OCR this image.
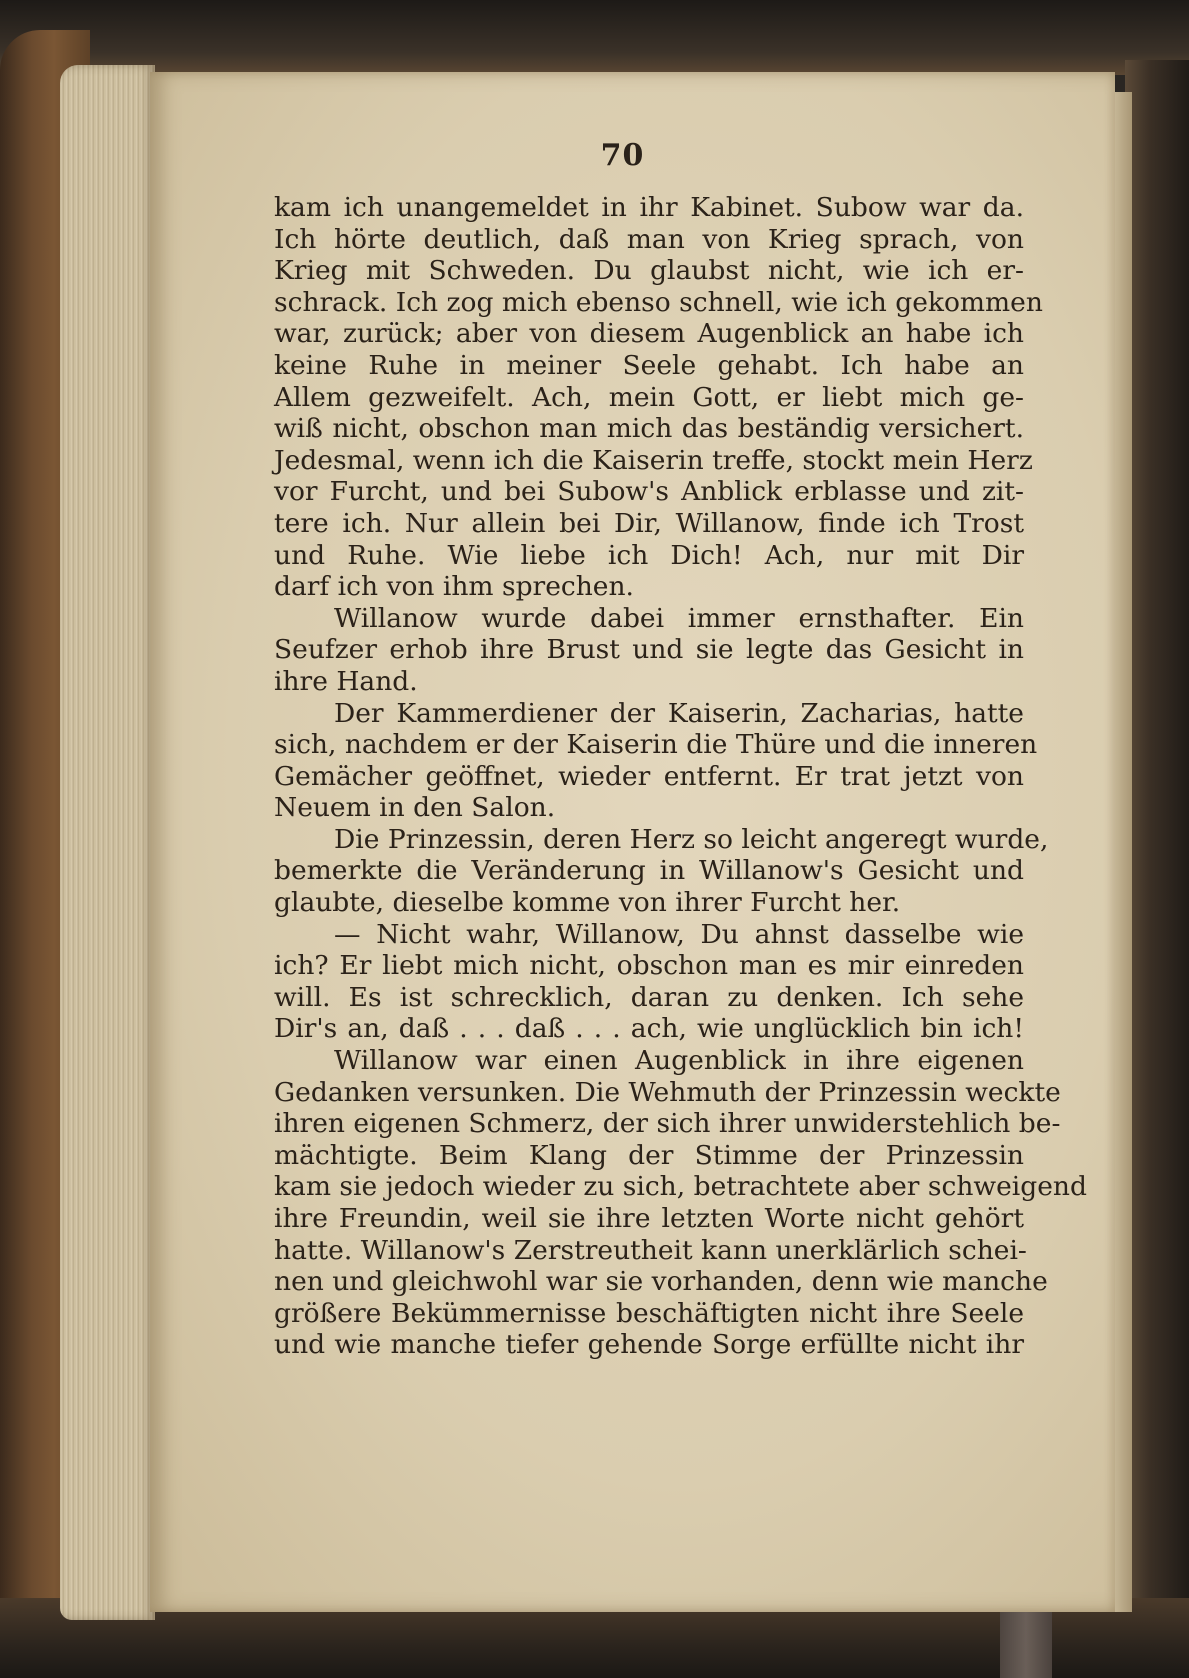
70
kam ich unangemeldet in ihr Kabinet. Subow war da.
Ich hörte deutlich, daß man von Krieg sprach, von
Krieg mit Schweden. Du glaubst nicht, wie ich er-
schrack. Ich zog mich ebenso schnell, wie ich gekommen
war, zurück; aber von diesem Augenblick an habe ich
keine Ruhe in meiner Seele gehabt. Ich habe an
Allem gezweifelt. Ach, mein Gott, er liebt mich ge-
wiß nicht, obschon man mich das beständig versichert.
Jedesmal, wenn ich die Kaiserin treffe, stockt mein Herz
vor Furcht, und bei Subow's Anblick erblasse und zit-
tere ich. Nur allein bei Dir, Willanow, finde ich Trost
und Ruhe. Wie liebe ich Dich! Ach, nur mit Dir
darf ich von ihm sprechen.
Willanow wurde dabei immer ernsthafter. Ein
Seufzer erhob ihre Brust und sie legte das Gesicht in
ihre Hand.
Der Kammerdiener der Kaiserin, Zacharias, hatte
sich, nachdem er der Kaiserin die Thüre und die inneren
Gemächer geöffnet, wieder entfernt. Er trat jetzt von
Neuem in den Salon.
Die Prinzessin, deren Herz so leicht angeregt wurde,
bemerkte die Veränderung in Willanow's Gesicht und
glaubte, dieselbe komme von ihrer Furcht her.
— Nicht wahr, Willanow, Du ahnst dasselbe wie
ich? Er liebt mich nicht, obschon man es mir einreden
will. Es ist schrecklich, daran zu denken. Ich sehe
Dir's an, daß . . . daß . . . ach, wie unglücklich bin ich!
Willanow war einen Augenblick in ihre eigenen
Gedanken versunken. Die Wehmuth der Prinzessin weckte
ihren eigenen Schmerz, der sich ihrer unwiderstehlich be-
mächtigte. Beim Klang der Stimme der Prinzessin
kam sie jedoch wieder zu sich, betrachtete aber schweigend
ihre Freundin, weil sie ihre letzten Worte nicht gehört
hatte. Willanow's Zerstreutheit kann unerklärlich schei-
nen und gleichwohl war sie vorhanden, denn wie manche
größere Bekümmernisse beschäftigten nicht ihre Seele
und wie manche tiefer gehende Sorge erfüllte nicht ihr
